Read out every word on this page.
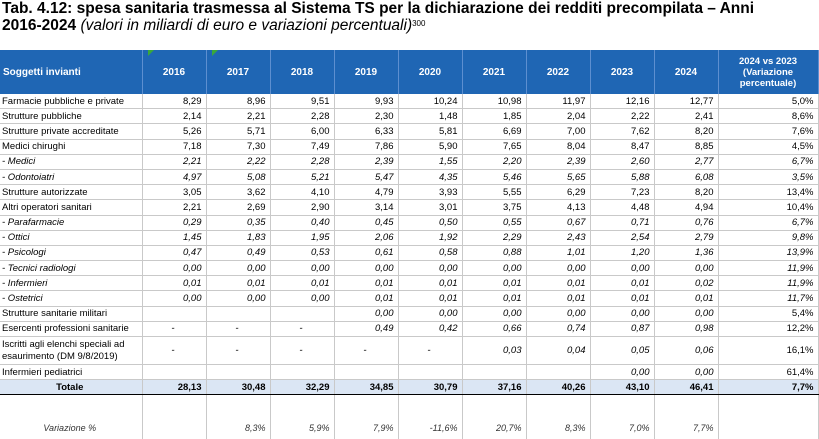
Tab. 4.12: spesa sanitaria trasmessa al Sistema TS per la dichiarazione dei redditi precompilata – Anni 2016-2024 (valori in miliardi di euro e variazioni percentuali)$^{300}$
Soggetti invianti	2016	2017	2018	2019	2020	2021	2022	2023	2024	2024 vs 2023 (Variazione percentuale)
Farmacie pubbliche e private	8,29	8,96	9,51	9,93	10,24	10,98	11,97	12,16	12,77	5,0%
Strutture pubbliche	2,14	2,21	2,28	2,30	1,48	1,85	2,04	2,22	2,41	8,6%
Strutture private accreditate	5,26	5,71	6,00	6,33	5,81	6,69	7,00	7,62	8,20	7,6%
Medici chirughi	7,18	7,30	7,49	7,86	5,90	7,65	8,04	8,47	8,85	4,5%
- Medici	2,21	2,22	2,28	2,39	1,55	2,20	2,39	2,60	2,77	6,7%
- Odontoiatri	4,97	5,08	5,21	5,47	4,35	5,46	5,65	5,88	6,08	3,5%
Strutture autorizzate	3,05	3,62	4,10	4,79	3,93	5,55	6,29	7,23	8,20	13,4%
Altri operatori sanitari	2,21	2,69	2,90	3,14	3,01	3,75	4,13	4,48	4,94	10,4%
- Parafarmacie	0,29	0,35	0,40	0,45	0,50	0,55	0,67	0,71	0,76	6,7%
- Ottici	1,45	1,83	1,95	2,06	1,92	2,29	2,43	2,54	2,79	9,8%
- Psicologi	0,47	0,49	0,53	0,61	0,58	0,88	1,01	1,20	1,36	13,9%
- Tecnici radiologi	0,00	0,00	0,00	0,00	0,00	0,00	0,00	0,00	0,00	11,9%
- Infermieri	0,01	0,01	0,01	0,01	0,01	0,01	0,01	0,01	0,02	11,9%
- Ostetrici	0,00	0,00	0,00	0,01	0,01	0,01	0,01	0,01	0,01	11,7%
Strutture sanitarie militari				0,00	0,00	0,00	0,00	0,00	0,00	5,4%
Esercenti professioni sanitarie	-	-	-	0,49	0,42	0,66	0,74	0,87	0,98	12,2%
Iscritti agli elenchi speciali ad esaurimento (DM 9/8/2019)	-	-	-	-	-	0,03	0,04	0,05	0,06	16,1%
Infermieri pediatrici								0,00	0,00	61,4%
Totale	28,13	30,48	32,29	34,85	30,79	37,16	40,26	43,10	46,41	7,7%

Variazione %		8,3%	5,9%	7,9%	-11,6%	20,7%	8,3%	7,0%	7,7%	
